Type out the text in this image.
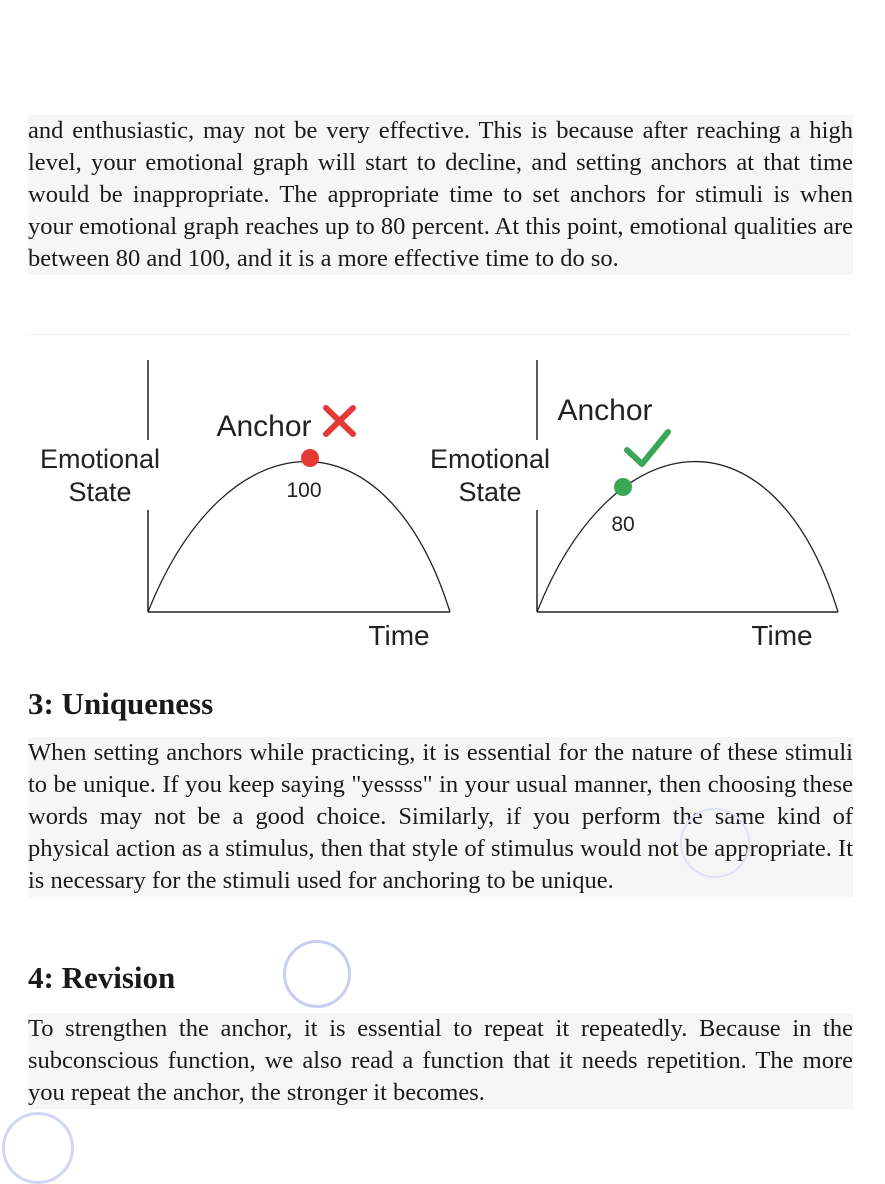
and enthusiastic, may not be very effective. This is because after reaching a high level, your emotional graph will start to decline, and setting anchors at that time would be inappropriate. The appropriate time to set anchors for stimuli is when your emotional graph reaches up to 80 percent. At this point, emotional qualities are between 80 and 100, and it is a more effective time to do so.

Anchor
100
Emotional
State
Time
Anchor
80
Emotional
State
Time
3: Uniqueness

When setting anchors while practicing, it is essential for the nature of these stimuli to be unique. If you keep saying "yessss" in your usual manner, then choosing these words may not be a good choice. Similarly, if you perform the same kind of physical action as a stimulus, then that style of stimulus would not be appropriate. It is necessary for the stimuli used for anchoring to be unique.

4: Revision

To strengthen the anchor, it is essential to repeat it repeatedly. Because in the subconscious function, we also read a function that it needs repetition. The more you repeat the anchor, the stronger it becomes.
